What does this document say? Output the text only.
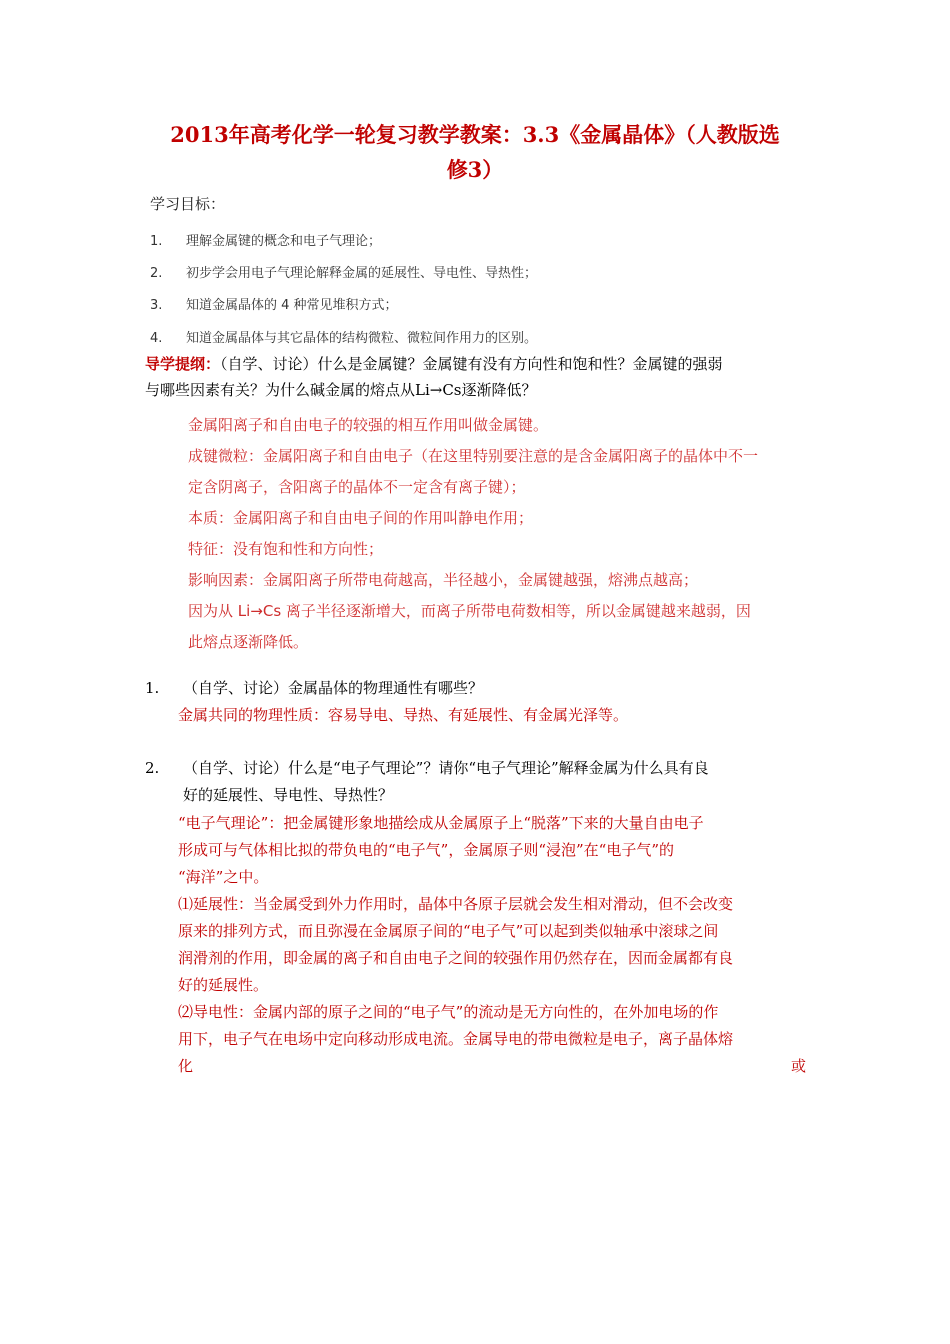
2013年高考化学一轮复习教学教案：3.3《金属晶体》（人教版选
修3）
学习目标：
1. 理解金属键的概念和电子气理论；
2. 初步学会用电子气理论解释金属的延展性、导电性、导热性；
3. 知道金属晶体的 4 种常见堆积方式；
4. 知道金属晶体与其它晶体的结构微粒、微粒间作用力的区别。
导学提纲：（自学、讨论）什么是金属键？金属键有没有方向性和饱和性？金属键的强弱
与哪些因素有关？为什么碱金属的熔点从Li→Cs逐渐降低？
金属阳离子和自由电子的较强的相互作用叫做金属键。
成键微粒：金属阳离子和自由电子（在这里特别要注意的是含金属阳离子的晶体中不一
定含阴离子，含阳离子的晶体不一定含有离子键）；
本质：金属阳离子和自由电子间的作用叫静电作用；
特征：没有饱和性和方向性；
影响因素：金属阳离子所带电荷越高，半径越小，金属键越强，熔沸点越高；
因为从 Li→Cs 离子半径逐渐增大，而离子所带电荷数相等，所以金属键越来越弱，因
此熔点逐渐降低。
1. （自学、讨论）金属晶体的物理通性有哪些？
金属共同的物理性质：容易导电、导热、有延展性、有金属光泽等。
2. （自学、讨论）什么是“电子气理论”？请你“电子气理论”解释金属为什么具有良
好的延展性、导电性、导热性？
“电子气理论”：把金属键形象地描绘成从金属原子上“脱落”下来的大量自由电子
形成可与气体相比拟的带负电的“电子气”，金属原子则“浸泡”在“电子气”的
“海洋”之中。
⑴延展性：当金属受到外力作用时，晶体中各原子层就会发生相对滑动，但不会改变
原来的排列方式，而且弥漫在金属原子间的“电子气”可以起到类似轴承中滚球之间
润滑剂的作用，即金属的离子和自由电子之间的较强作用仍然存在，因而金属都有良
好的延展性。
⑵导电性：金属内部的原子之间的“电子气”的流动是无方向性的，在外加电场的作
用下，电子气在电场中定向移动形成电流。金属导电的带电微粒是电子，离子晶体熔
化	或
